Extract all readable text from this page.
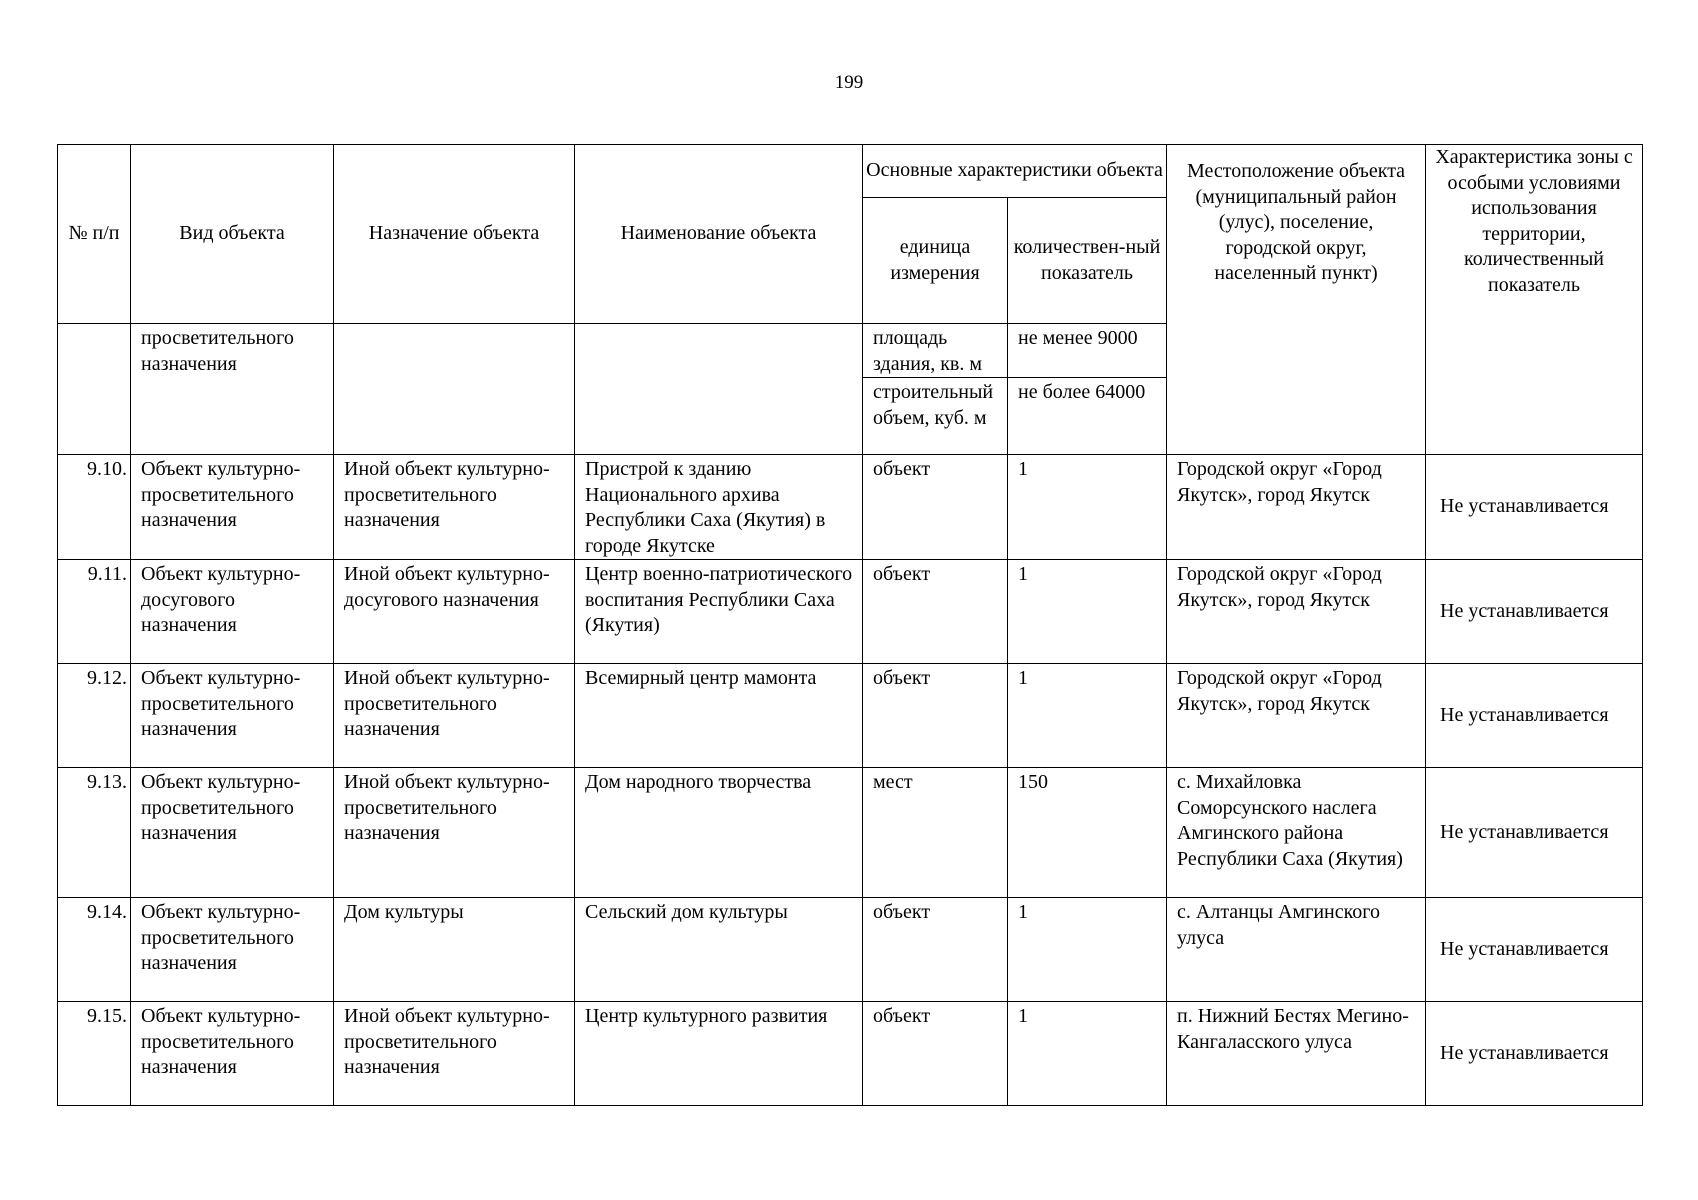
199
№ п/п	Вид объекта	Назначение объекта	Наименование объекта	Основные характеристики объекта		Местоположение объекта (муниципальный район (улус), поселение, городской округ, населенный пункт)	Характеристика зоны с особыми условиями использования территории, количественный показатель
				единица измерения	количествен-ный показатель		
	просветительного назначения			площадь здания, кв. м	не менее 9000		
				строительный объем, куб. м	не более 64000		
9.10.	Объект культурно-просветительного назначения	Иной объект культурно-просветительного назначения	Пристрой к зданию Национального архива Республики Саха (Якутия) в городе Якутске	объект	1	Городской округ «Город Якутск», город Якутск	Не устанавливается
9.11.	Объект культурно-досугового назначения	Иной объект культурно-досугового назначения	Центр военно-патриотического воспитания Республики Саха (Якутия)	объект	1	Городской округ «Город Якутск», город Якутск	Не устанавливается
9.12.	Объект культурно-просветительного назначения	Иной объект культурно-просветительного назначения	Всемирный центр мамонта	объект	1	Городской округ «Город Якутск», город Якутск	Не устанавливается
9.13.	Объект культурно-просветительного назначения	Иной объект культурно-просветительного назначения	Дом народного творчества	мест	150	с. Михайловка Соморсунского наслега Амгинского района Республики Саха (Якутия)	Не устанавливается
9.14.	Объект культурно-просветительного назначения	Дом культуры	Сельский дом культуры	объект	1	с. Алтанцы Амгинского улуса	Не устанавливается
9.15.	Объект культурно-просветительного назначения	Иной объект культурно-просветительного назначения	Центр культурного развития	объект	1	п. Нижний Бестях Мегино-Кангаласского улуса	Не устанавливается
